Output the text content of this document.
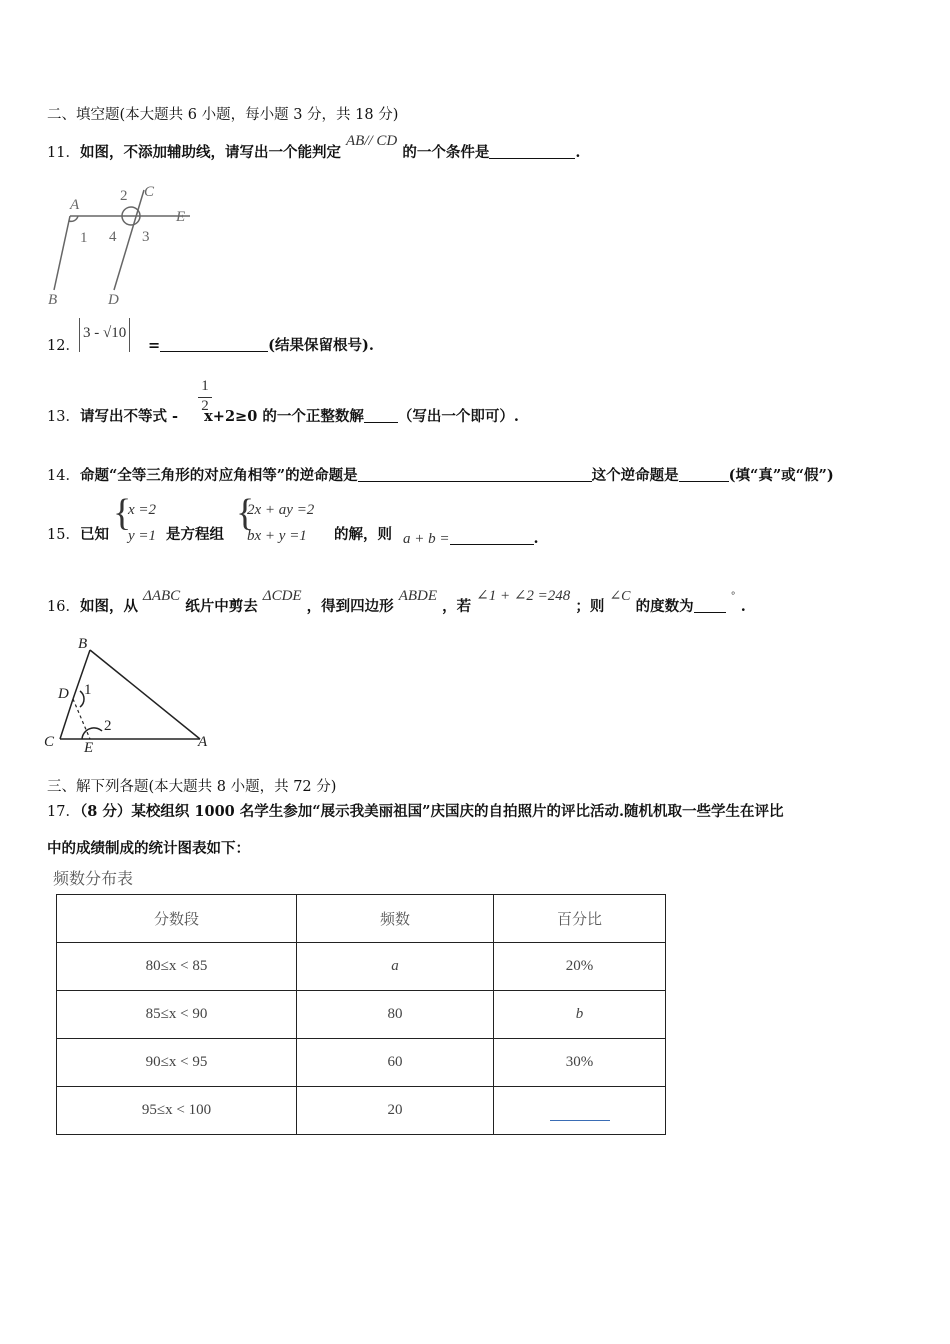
二、填空题(本大题共 6 小题，每小题 3 分，共 18 分)
11．如图，不添加辅助线，请写出一个能判定 AB// CD 的一个条件是	.
A
B
C
D
E
1
2
3
4
12．
3 - √10
=	(结果保留根号).
13．请写出不等式 - x+2≥0 的一个正整数解 （写出一个即可）.
$\frac{1}{2}$
14．命题“全等三角形的对应角相等”的逆命题是	这个逆命题是	(填“真”或“假”)
15．已知
{
x =2
y =1 是方程组
{
2x + ay =2
bx + y =1	的解，则 a + b =	.
16．如图，从 ΔABC 纸片中剪去 ΔCDE ，得到四边形 ABDE ，若 ∠1 + ∠2 =248 ；则 ∠C 的度数为 ° .
B
D
C E	A
1
2
三、解下列各题(本大题共 8 小题，共 72 分)
17．（8 分）某校组织 1000 名学生参加“展示我美丽祖国”庆国庆的自拍照片的评比活动.随机机取一些学生在评比
中的成绩制成的统计图表如下：
频数分布表
分数段	频数	百分比
80≤x < 85	a	20%
85≤x < 90	80	b
90≤x < 95	60	30%
95≤x < 100	20	
